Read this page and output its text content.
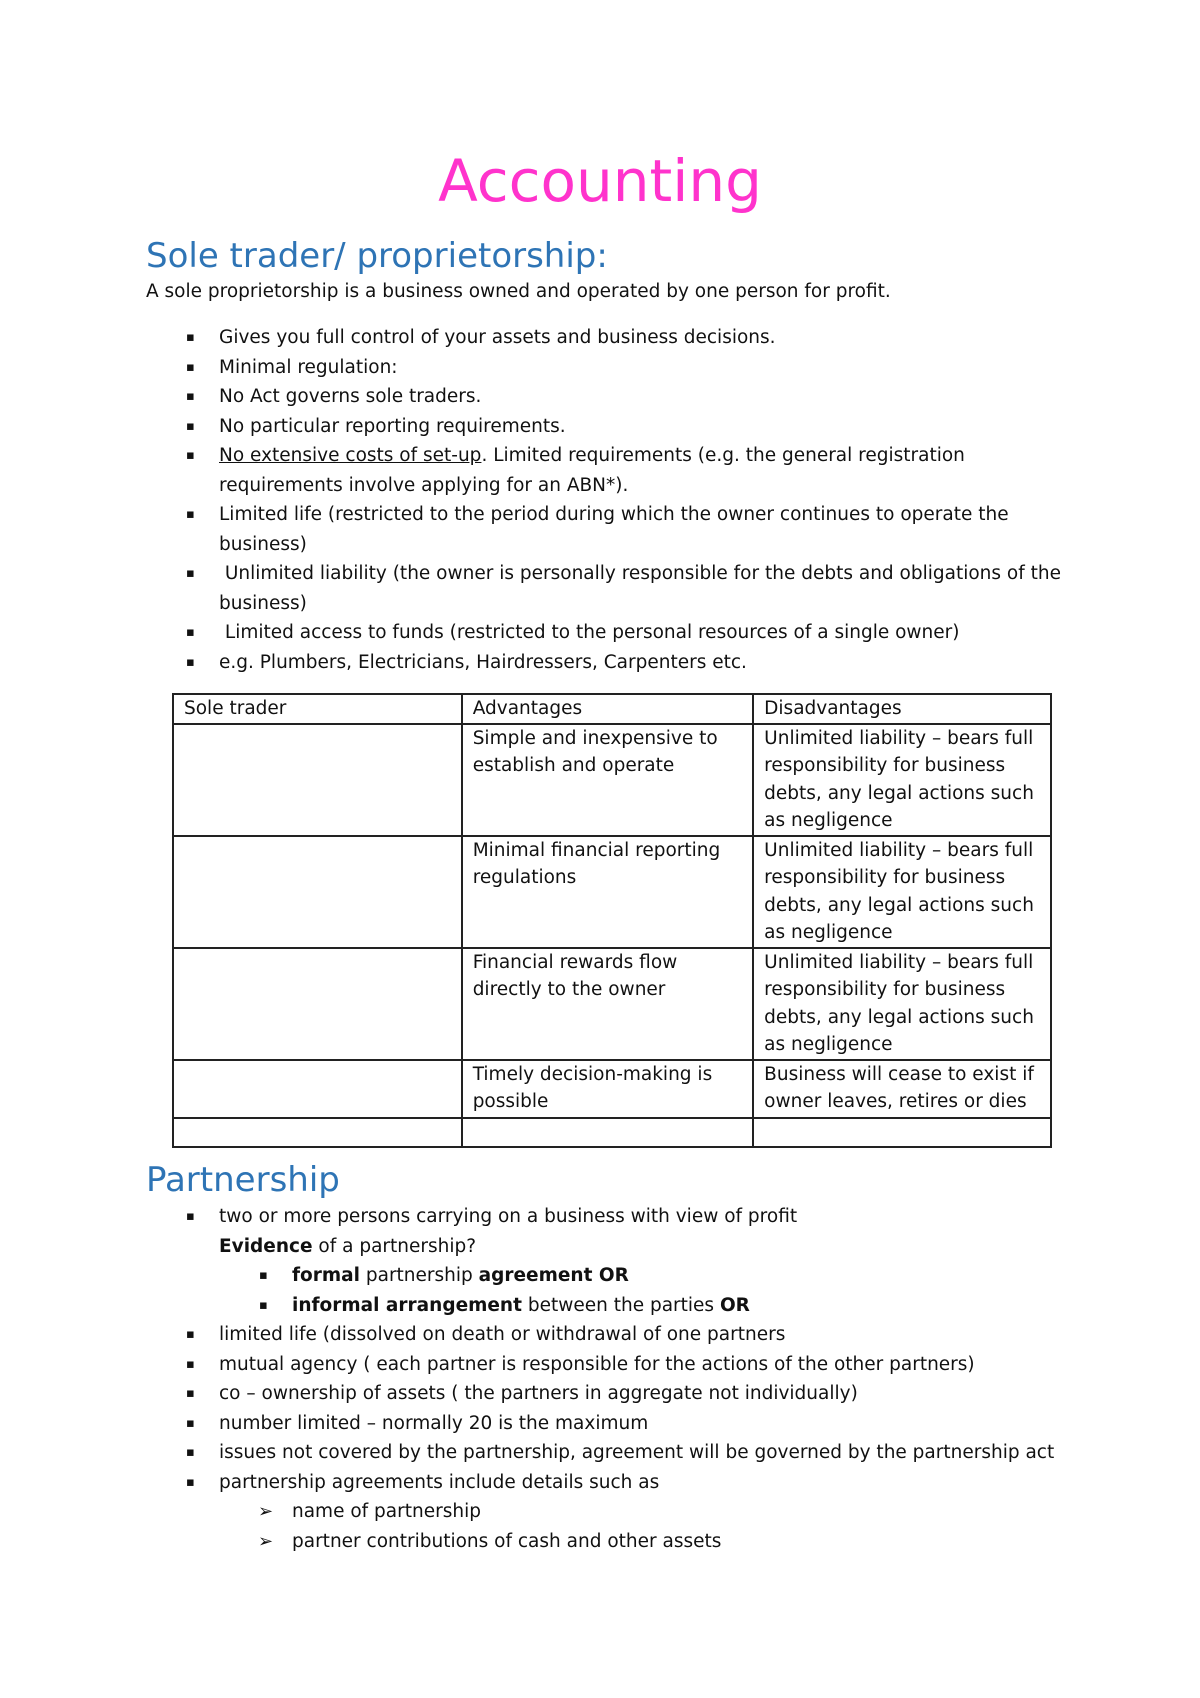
Accounting
Sole trader/ proprietorship:

A sole proprietorship is a business owned and operated by one person for profit.

▪ Gives you full control of your assets and business decisions.
▪ Minimal regulation:
▪ No Act governs sole traders.
▪ No particular reporting requirements.
▪ No extensive costs of set-up. Limited requirements (e.g. the general registration requirements involve applying for an ABN*).
▪ Limited life (restricted to the period during which the owner continues to operate the business)
▪ Unlimited liability (the owner is personally responsible for the debts and obligations of the business)
▪ Limited access to funds (restricted to the personal resources of a single owner)
▪ e.g. Plumbers, Electricians, Hairdressers, Carpenters etc.
Sole trader	Advantages	Disadvantages
	Simple and inexpensive to establish and operate	Unlimited liability – bears full responsibility for business debts, any legal actions such as negligence
	Minimal financial reporting regulations	Unlimited liability – bears full responsibility for business debts, any legal actions such as negligence
	Financial rewards flow directly to the owner	Unlimited liability – bears full responsibility for business debts, any legal actions such as negligence
	Timely decision-making is possible	Business will cease to exist if owner leaves, retires or dies

Partnership
▪ two or more persons carrying on a business with view of profit
Evidence of a partnership?
▪ formal partnership agreement OR
▪ informal arrangement between the parties OR
▪ limited life (dissolved on death or withdrawal of one partners
▪ mutual agency ( each partner is responsible for the actions of the other partners)
▪ co – ownership of assets ( the partners in aggregate not individually)
▪ number limited – normally 20 is the maximum
▪ issues not covered by the partnership, agreement will be governed by the partnership act
▪ partnership agreements include details such as
➢ name of partnership
➢ partner contributions of cash and other assets
